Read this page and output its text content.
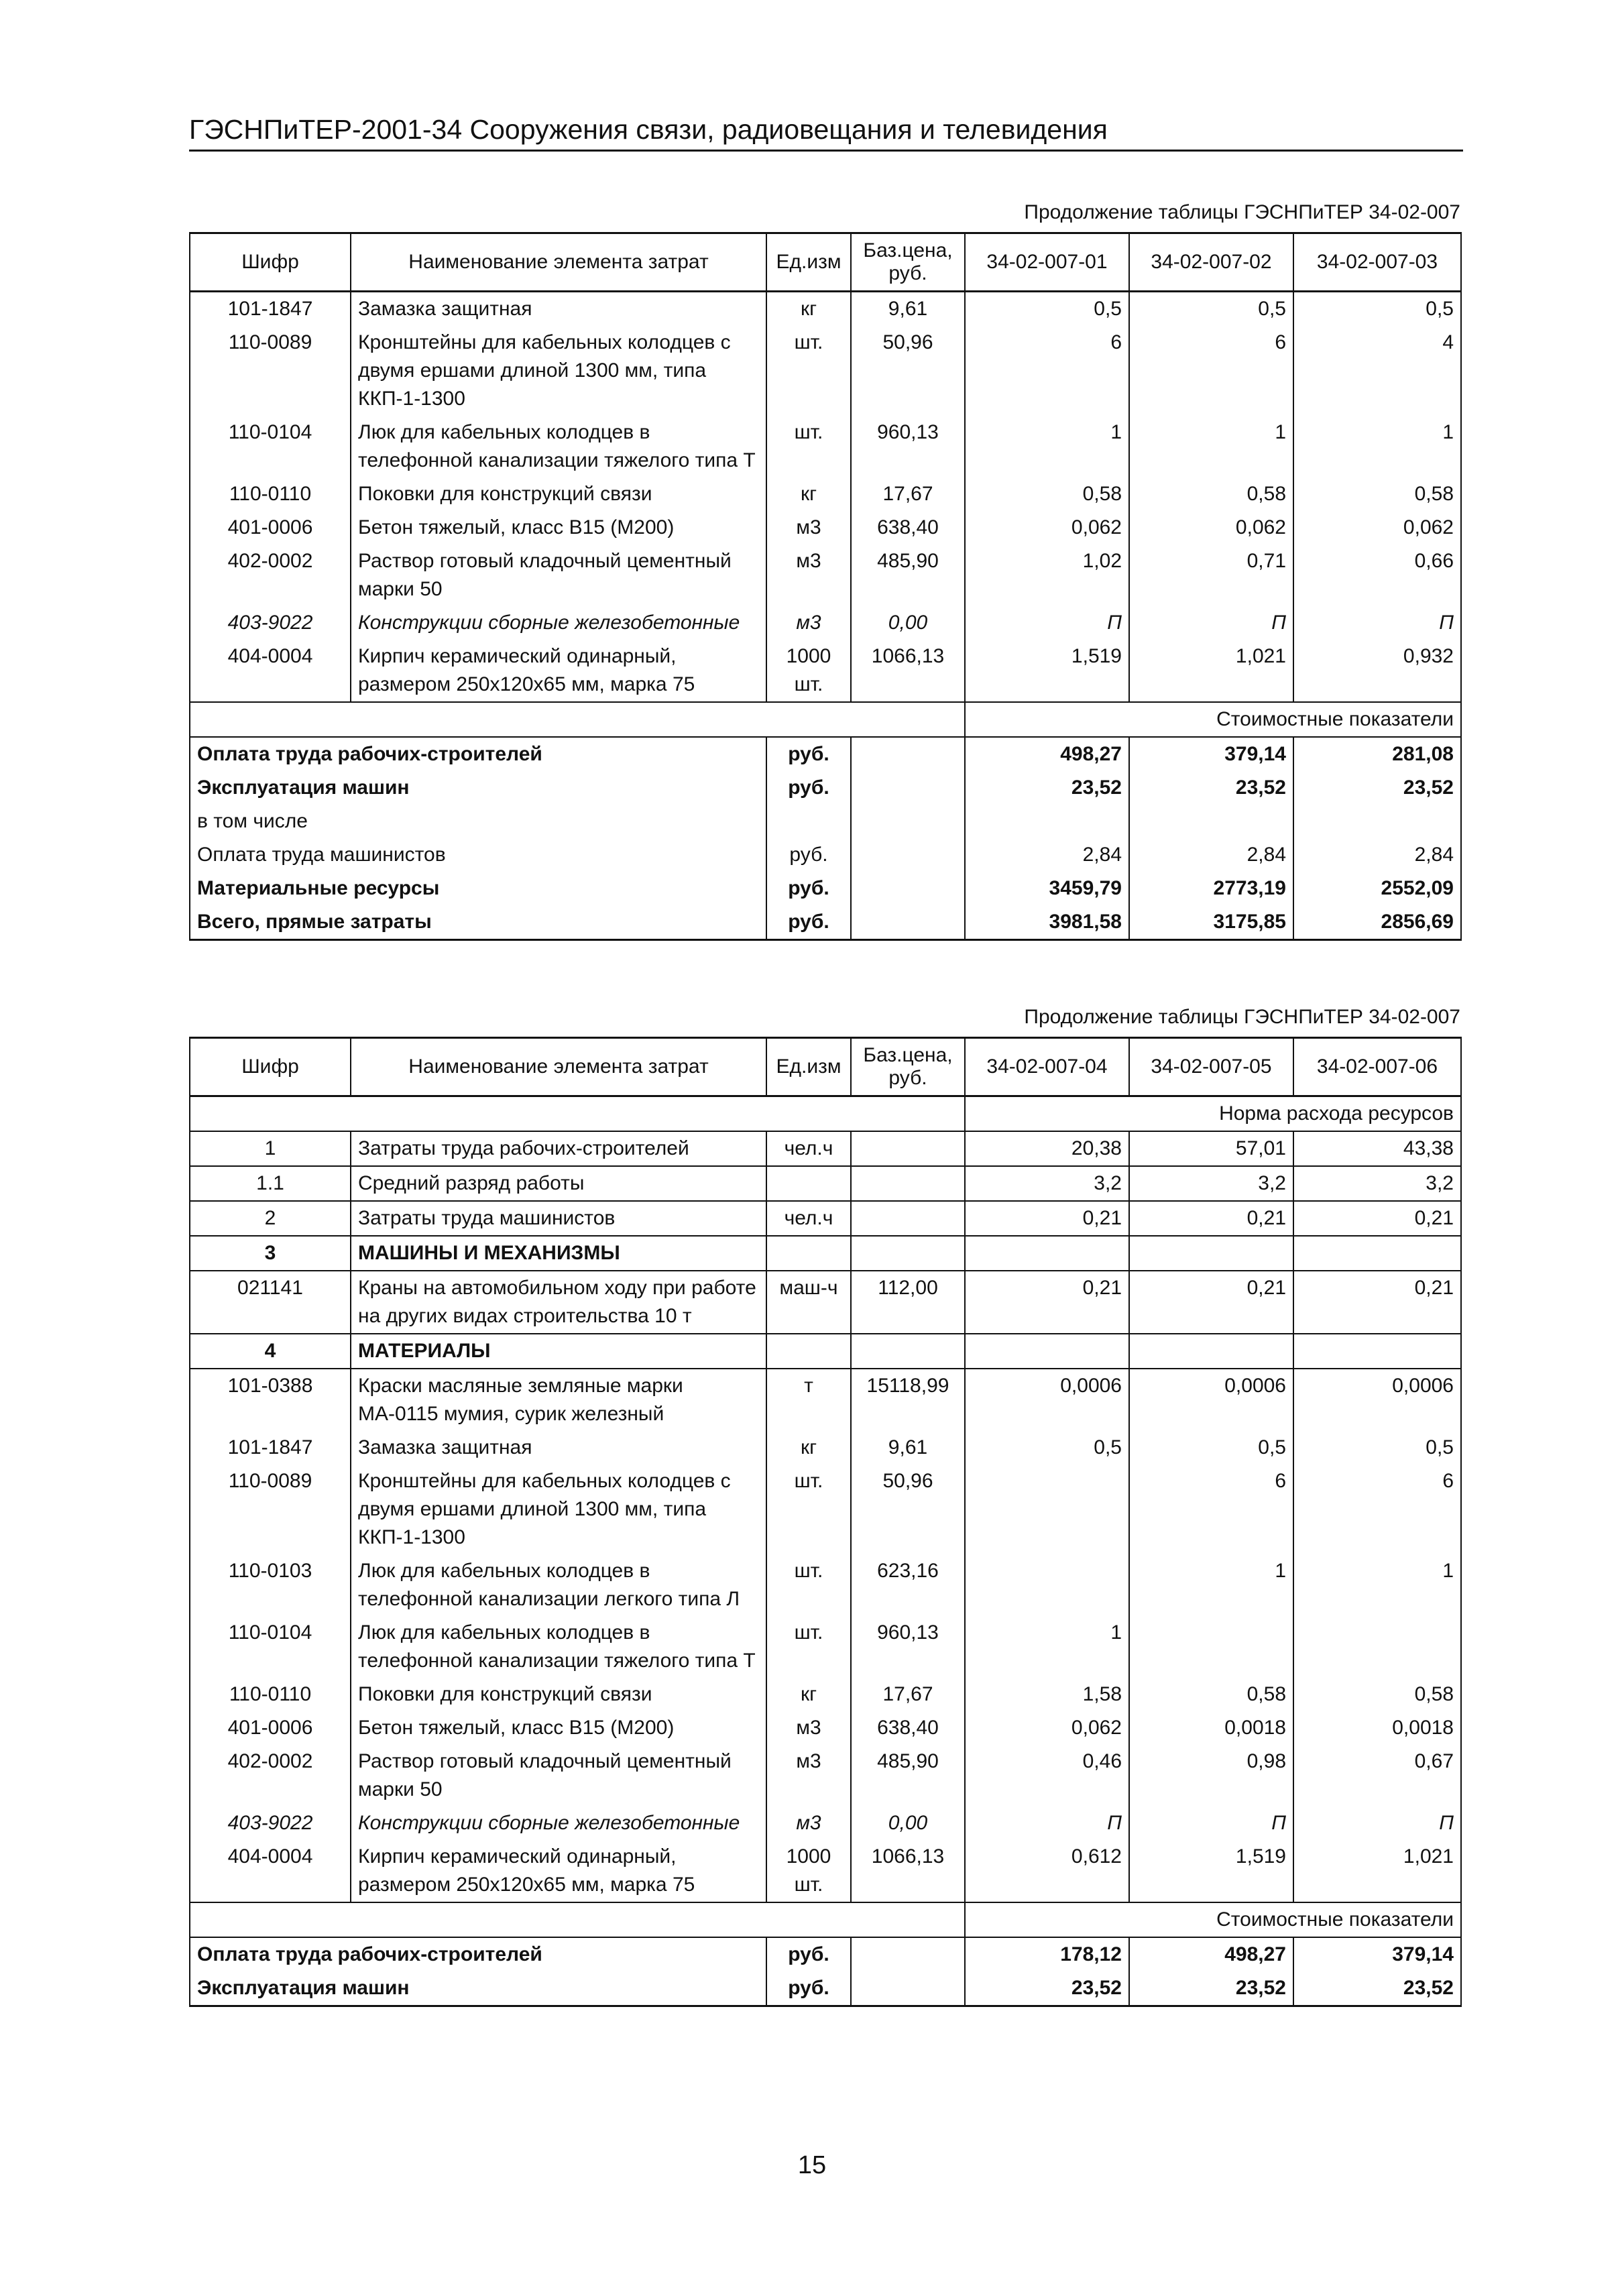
ГЭСНПиТЕР-2001-34 Сооружения связи, радиовещания и телевидения
Продолжение таблицы ГЭСНПиТЕР 34-02-007
Шифр	Наименование элемента затрат	Ед.изм	Баз.цена, руб.	34-02-007-01	34-02-007-02	34-02-007-03
101-1847	Замазка защитная	кг	9,61	0,5	0,5	0,5
110-0089	Кронштейны для кабельных колодцев с двумя ершами длиной 1300 мм, типа ККП-1-1300	шт.	50,96	6	6	4
110-0104	Люк для кабельных колодцев в телефонной канализации тяжелого типа Т	шт.	960,13	1	1	1
110-0110	Поковки для конструкций связи	кг	17,67	0,58	0,58	0,58
401-0006	Бетон тяжелый, класс В15 (М200)	м3	638,40	0,062	0,062	0,062
402-0002	Раствор готовый кладочный цементный марки 50	м3	485,90	1,02	0,71	0,66
403-9022	Конструкции сборные железобетонные	м3	0,00	П	П	П
404-0004	Кирпич керамический одинарный, размером 250х120х65 мм, марка 75	1000 шт.	1066,13	1,519	1,021	0,932
				Стоимостные показатели		
Оплата труда рабочих-строителей		руб.		498,27	379,14	281,08
Эксплуатация машин		руб.		23,52	23,52	23,52
в том числе						
Оплата труда машинистов		руб.		2,84	2,84	2,84
Материальные ресурсы		руб.		3459,79	2773,19	2552,09
Всего, прямые затраты		руб.		3981,58	3175,85	2856,69
Продолжение таблицы ГЭСНПиТЕР 34-02-007
Шифр	Наименование элемента затрат	Ед.изм	Баз.цена, руб.	34-02-007-04	34-02-007-05	34-02-007-06
				Норма расхода ресурсов		
1	Затраты труда рабочих-строителей	чел.ч		20,38	57,01	43,38
1.1	Средний разряд работы			3,2	3,2	3,2
2	Затраты труда машинистов	чел.ч		0,21	0,21	0,21
3	МАШИНЫ И МЕХАНИЗМЫ					
021141	Краны на автомобильном ходу при работе на других видах строительства 10 т	маш-ч	112,00	0,21	0,21	0,21
4	МАТЕРИАЛЫ					
101-0388	Краски масляные земляные марки МА-0115 мумия, сурик железный	т	15118,99	0,0006	0,0006	0,0006
101-1847	Замазка защитная	кг	9,61	0,5	0,5	0,5
110-0089	Кронштейны для кабельных колодцев с двумя ершами длиной 1300 мм, типа ККП-1-1300	шт.	50,96		6	6
110-0103	Люк для кабельных колодцев в телефонной канализации легкого типа Л	шт.	623,16		1	1
110-0104	Люк для кабельных колодцев в телефонной канализации тяжелого типа Т	шт.	960,13	1		
110-0110	Поковки для конструкций связи	кг	17,67	1,58	0,58	0,58
401-0006	Бетон тяжелый, класс В15 (М200)	м3	638,40	0,062	0,0018	0,0018
402-0002	Раствор готовый кладочный цементный марки 50	м3	485,90	0,46	0,98	0,67
403-9022	Конструкции сборные железобетонные	м3	0,00	П	П	П
404-0004	Кирпич керамический одинарный, размером 250х120х65 мм, марка 75	1000 шт.	1066,13	0,612	1,519	1,021
				Стоимостные показатели		
Оплата труда рабочих-строителей		руб.		178,12	498,27	379,14
Эксплуатация машин		руб.		23,52	23,52	23,52
15
